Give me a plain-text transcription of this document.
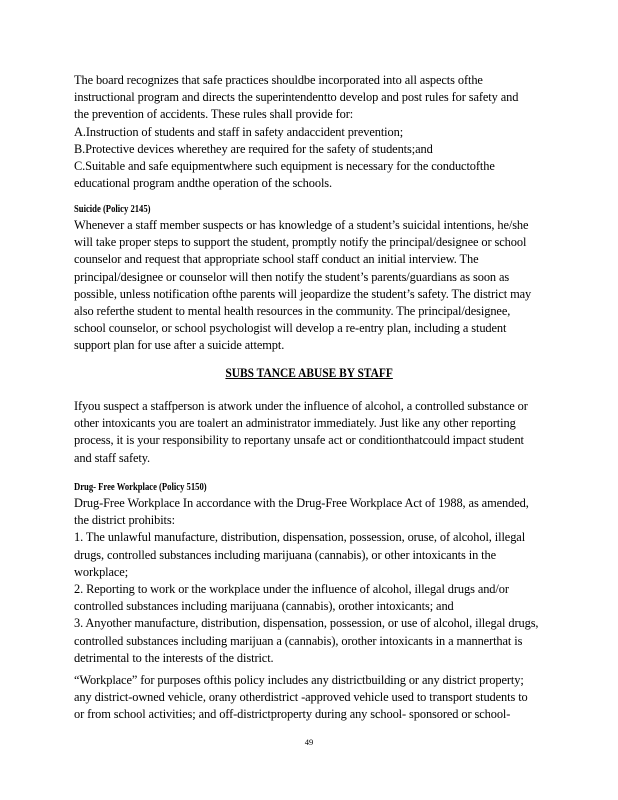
The board recognizes that safe practices shouldbe incorporated into all aspects ofthe
instructional program and directs the superintendentto develop and post rules for safety and
the prevention of accidents. These rules shall provide for:
A.Instruction of students and staff in safety andaccident prevention;
B.Protective devices wherethey are required for the safety of students;and
C.Suitable and safe equipmentwhere such equipment is necessary for the conductofthe
educational program andthe operation of the schools.
Suicide (Policy 2145)
Whenever a staff member suspects or has knowledge of a student’s suicidal intentions, he/she
will take proper steps to support the student, promptly notify the principal/designee or school
counselor and request that appropriate school staff conduct an initial interview. The
principal/designee or counselor will then notify the student’s parents/guardians as soon as
possible, unless notification ofthe parents will jeopardize the student’s safety. The district may
also referthe student to mental health resources in the community. The principal/designee,
school counselor, or school psychologist will develop a re-entry plan, including a student
support plan for use after a suicide attempt.
SUBS TANCE ABUSE BY STAFF
Ifyou suspect a staffperson is atwork under the influence of alcohol, a controlled substance or
other intoxicants you are toalert an administrator immediately. Just like any other reporting
process, it is your responsibility to reportany unsafe act or conditionthatcould impact student
and staff safety.
Drug- Free Workplace (Policy 5150)
Drug-Free Workplace In accordance with the Drug-Free Workplace Act of 1988, as amended,
the district prohibits:
1. The unlawful manufacture, distribution, dispensation, possession, oruse, of alcohol, illegal
drugs, controlled substances including marijuana (cannabis), or other intoxicants in the
workplace;
2. Reporting to work or the workplace under the influence of alcohol, illegal drugs and/or
controlled substances including marijuana (cannabis), orother intoxicants; and
3. Anyother manufacture, distribution, dispensation, possession, or use of alcohol, illegal drugs,
controlled substances including marijuan a (cannabis), orother intoxicants in a mannerthat is
detrimental to the interests of the district.
“Workplace” for purposes ofthis policy includes any districtbuilding or any district property;
any district-owned vehicle, orany otherdistrict -approved vehicle used to transport students to
or from school activities; and off-districtproperty during any school- sponsored or school-
49
